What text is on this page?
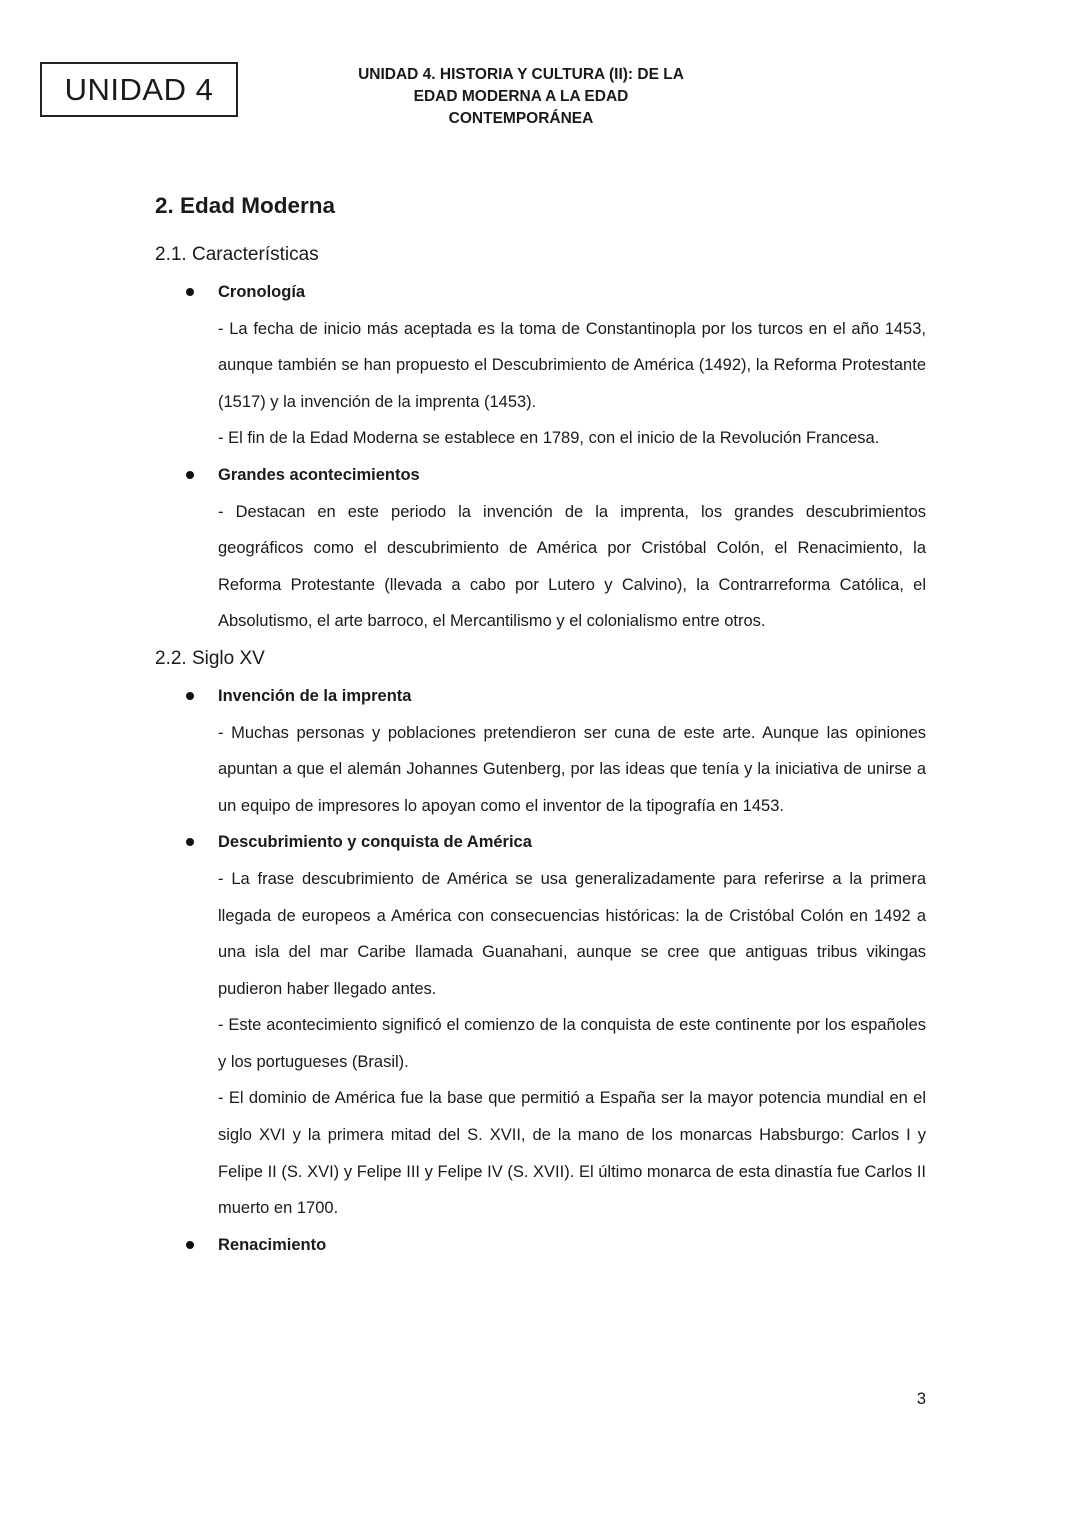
UNIDAD 4	UNIDAD 4. HISTORIA Y CULTURA (II): DE LA
EDAD MODERNA A LA EDAD
CONTEMPORÁNEA
2. Edad Moderna
2.1. Características
Cronología

- La fecha de inicio más aceptada es la toma de Constantinopla por los turcos en el año 1453, aunque también se han propuesto el Descubrimiento de América (1492), la Reforma Protestante (1517) y la invención de la imprenta (1453).

- El fin de la Edad Moderna se establece en 1789, con el inicio de la Revolución Francesa.

Grandes acontecimientos

- Destacan en este periodo la invención de la imprenta, los grandes descubrimientos geográficos como el descubrimiento de América por Cristóbal Colón, el Renacimiento, la Reforma Protestante (llevada a cabo por Lutero y Calvino), la Contrarreforma Católica, el Absolutismo, el arte barroco, el Mercantilismo y el colonialismo entre otros.

2.2. Siglo XV
Invención de la imprenta

- Muchas personas y poblaciones pretendieron ser cuna de este arte. Aunque las opiniones apuntan a que el alemán Johannes Gutenberg, por las ideas que tenía y la iniciativa de unirse a un equipo de impresores lo apoyan como el inventor de la tipografía en 1453.

Descubrimiento y conquista de América

- La frase descubrimiento de América se usa generalizadamente para referirse a la primera llegada de europeos a América con consecuencias históricas: la de Cristóbal Colón en 1492 a una isla del mar Caribe llamada Guanahani, aunque se cree que antiguas tribus vikingas pudieron haber llegado antes.

- Este acontecimiento significó el comienzo de la conquista de este continente por los españoles y los portugueses (Brasil).

- El dominio de América fue la base que permitió a España ser la mayor potencia mundial en el siglo XVI y la primera mitad del S. XVII, de la mano de los monarcas Habsburgo: Carlos I y Felipe II (S. XVI) y Felipe III y Felipe IV (S. XVII). El último monarca de esta dinastía fue Carlos II muerto en 1700.

Renacimiento
3
